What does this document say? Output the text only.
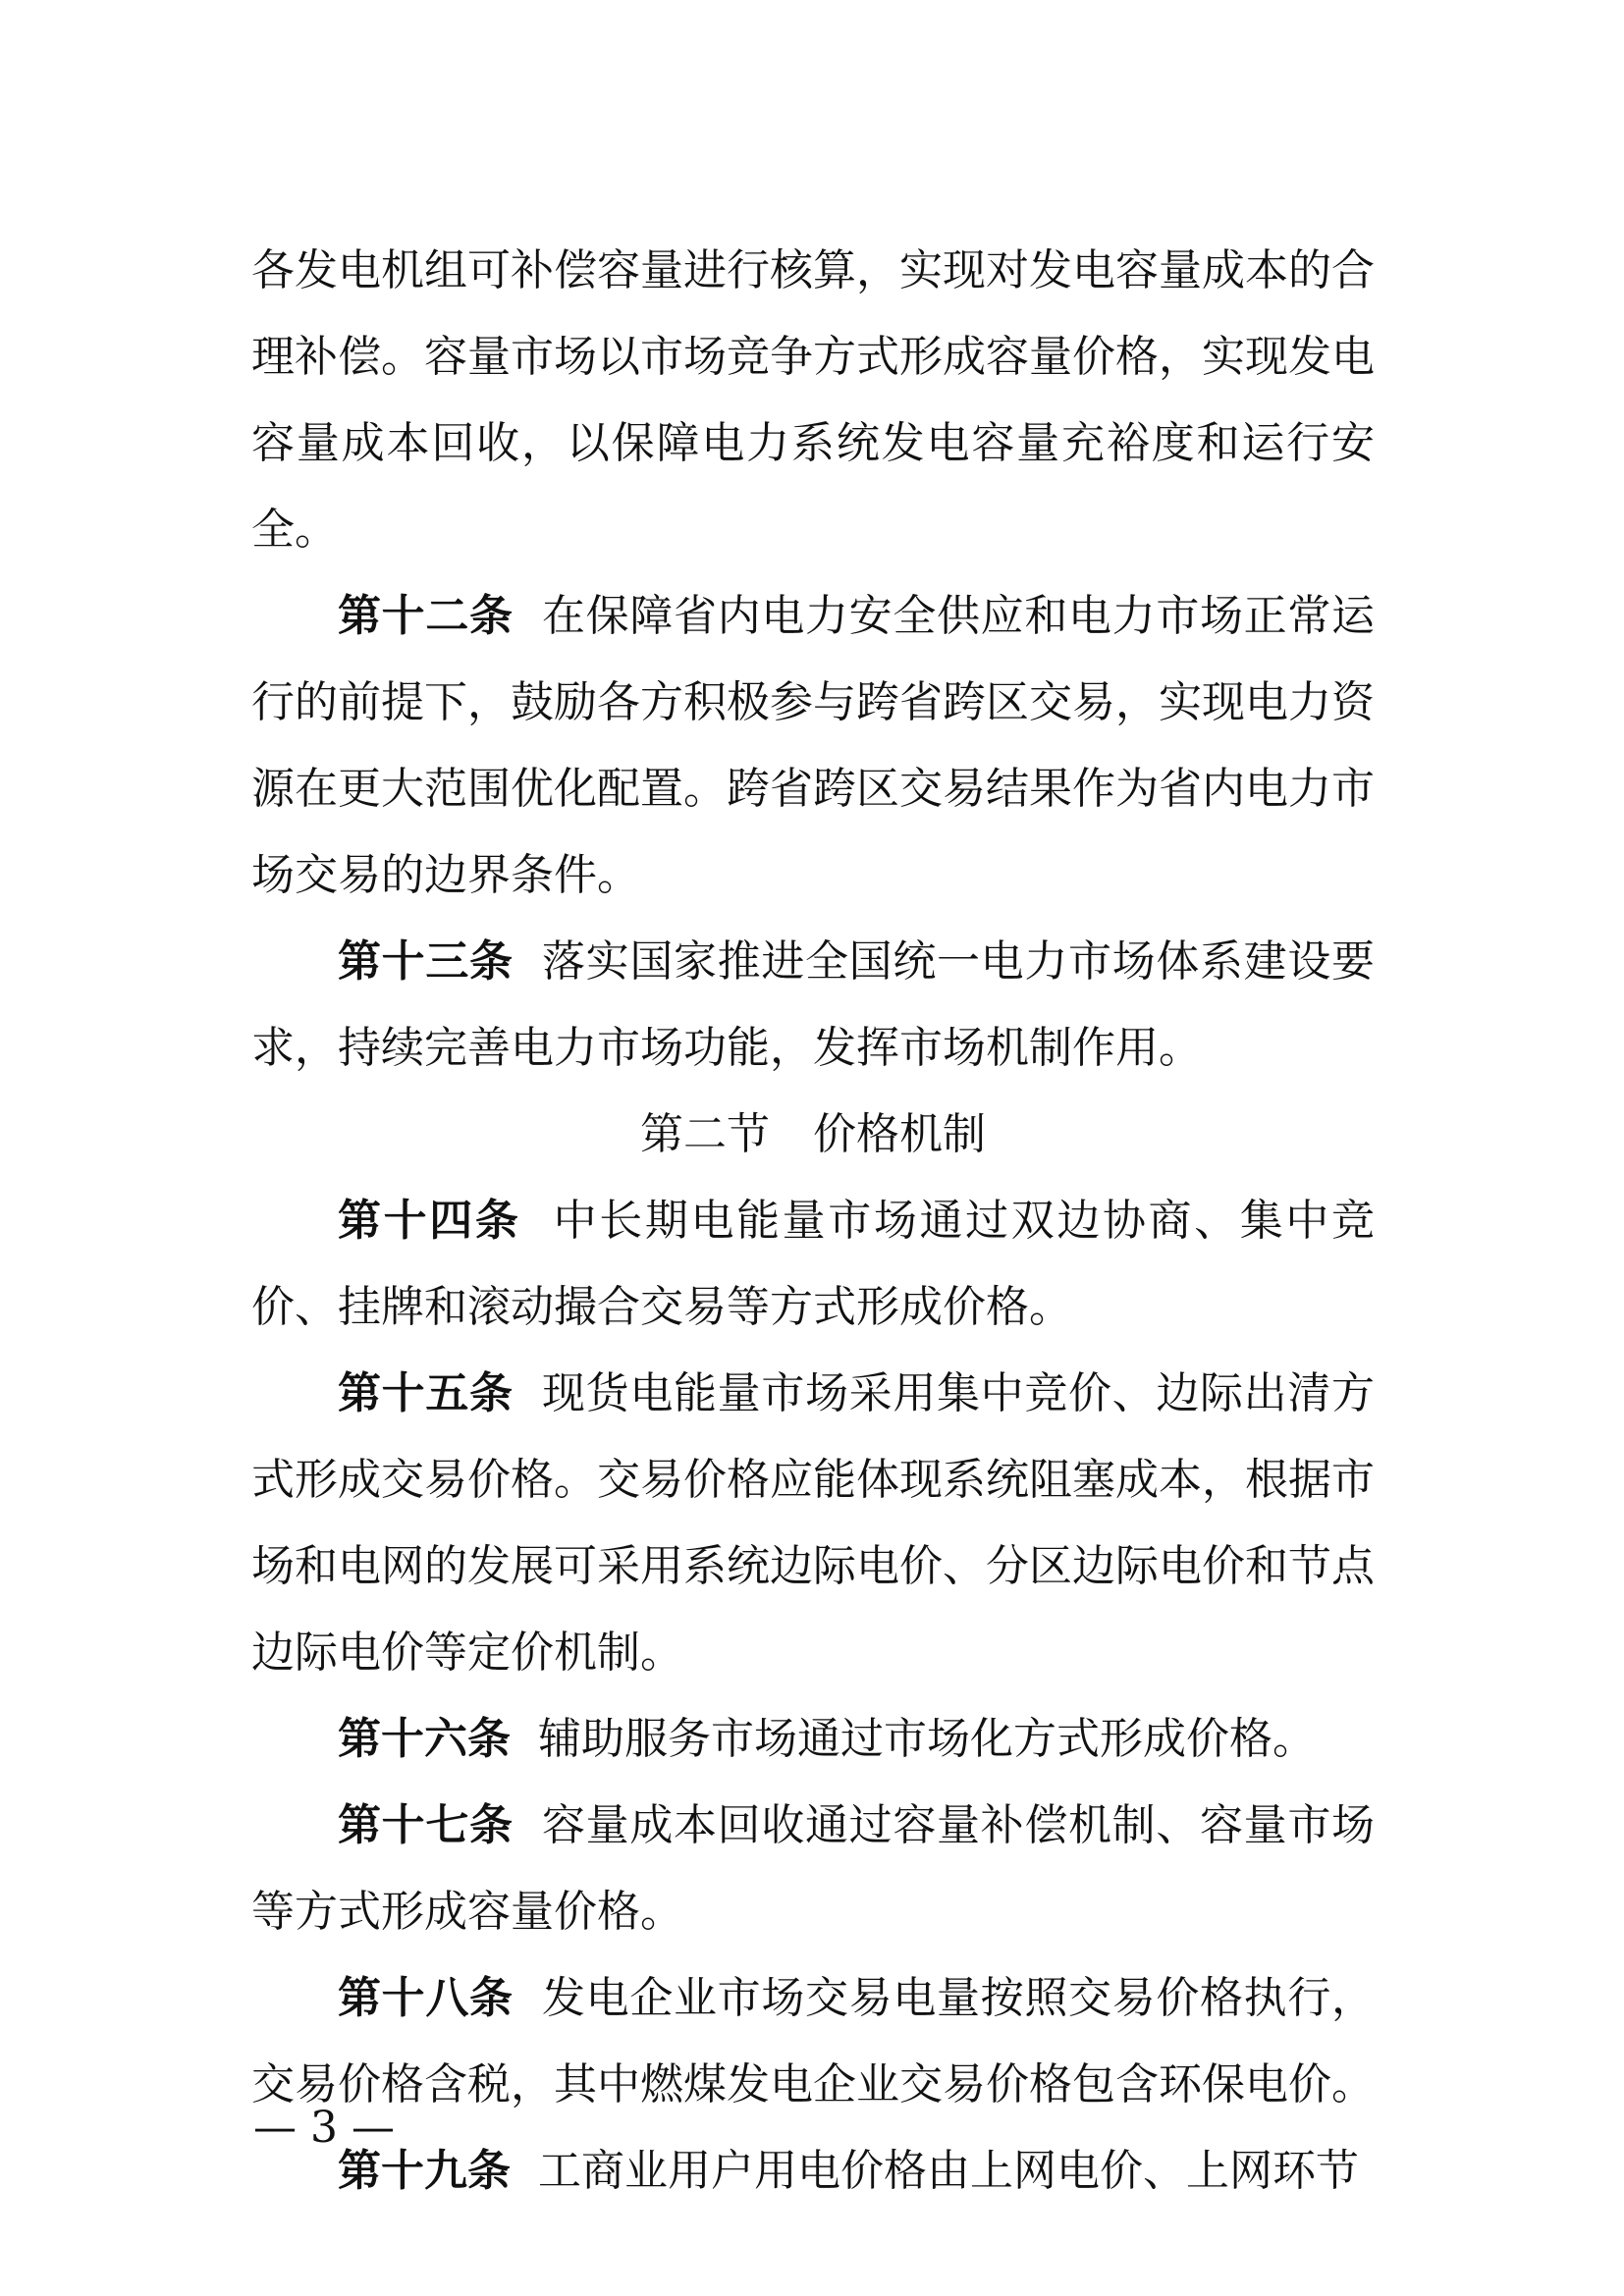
各发电机组可补偿容量进行核算，实现对发电容量成本的合理补偿。容量市场以市场竞争方式形成容量价格，实现发电容量成本回收，以保障电力系统发电容量充裕度和运行安全。

第十二条 在保障省内电力安全供应和电力市场正常运行的前提下，鼓励各方积极参与跨省跨区交易，实现电力资源在更大范围优化配置。跨省跨区交易结果作为省内电力市场交易的边界条件。

第十三条 落实国家推进全国统一电力市场体系建设要求，持续完善电力市场功能，发挥市场机制作用。

第二节　价格机制

第十四条 中长期电能量市场通过双边协商、集中竞价、挂牌和滚动撮合交易等方式形成价格。

第十五条 现货电能量市场采用集中竞价、边际出清方式形成交易价格。交易价格应能体现系统阻塞成本，根据市场和电网的发展可采用系统边际电价、分区边际电价和节点边际电价等定价机制。

第十六条 辅助服务市场通过市场化方式形成价格。

第十七条 容量成本回收通过容量补偿机制、容量市场等方式形成容量价格。

第十八条 发电企业市场交易电量按照交易价格执行，交易价格含税，其中燃煤发电企业交易价格包含环保电价。

第十九条 工商业用户用电价格由上网电价、上网环节

— 3 —
